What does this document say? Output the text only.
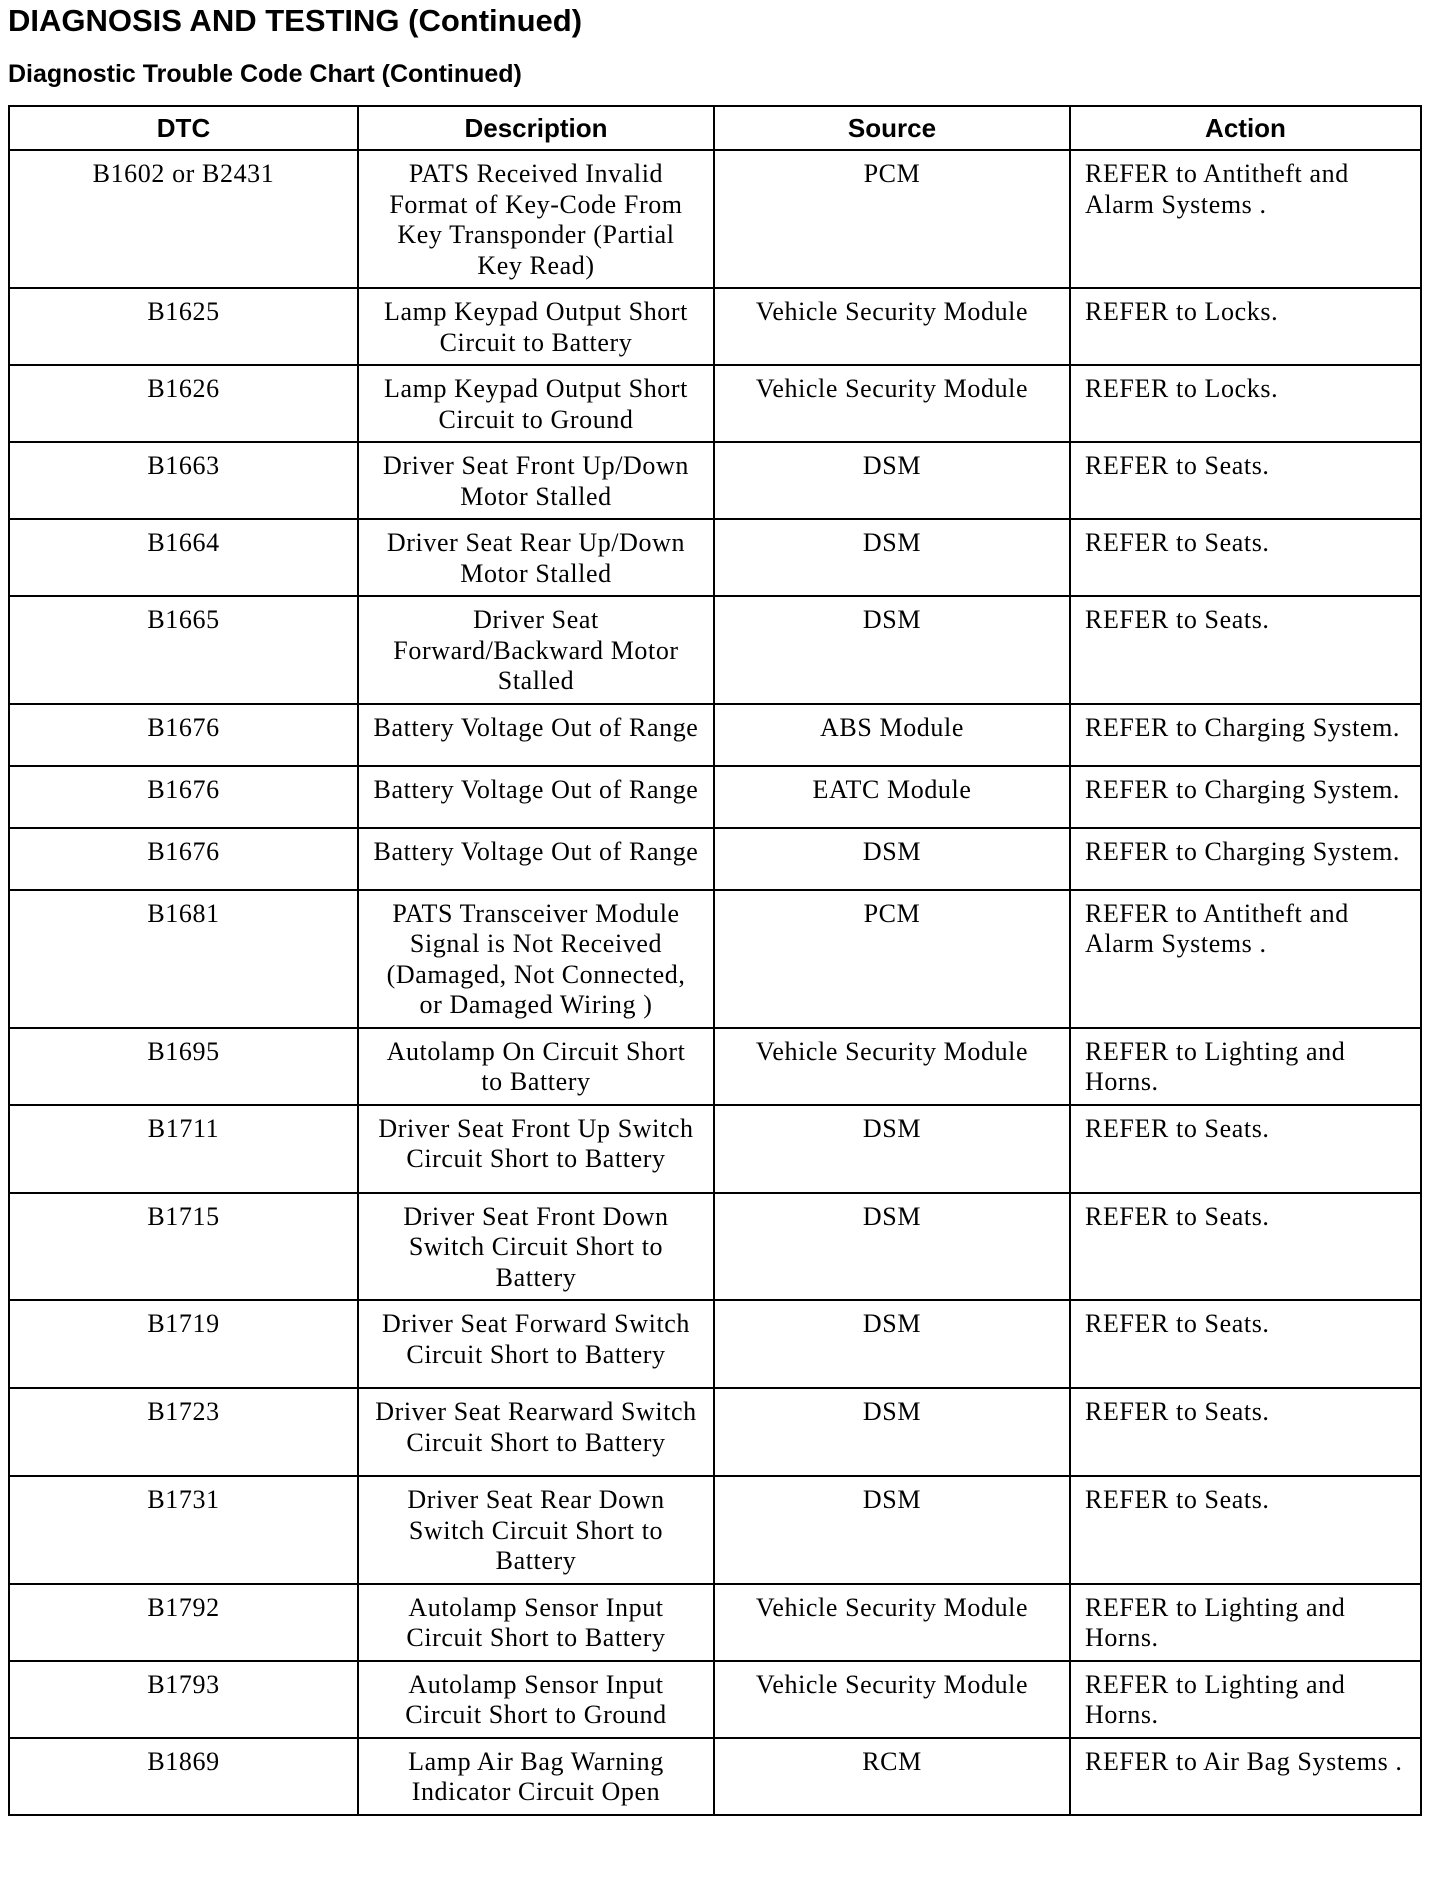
DIAGNOSIS AND TESTING (Continued)
Diagnostic Trouble Code Chart (Continued)
DTC	Description	Source	Action
B1602 or B2431	PATS Received Invalid Format of Key-Code From Key Transponder (Partial Key Read)	PCM	REFER to Antitheft and Alarm Systems .
B1625	Lamp Keypad Output Short Circuit to Battery	Vehicle Security Module	REFER to Locks.
B1626	Lamp Keypad Output Short Circuit to Ground	Vehicle Security Module	REFER to Locks.
B1663	Driver Seat Front Up/Down Motor Stalled	DSM	REFER to Seats.
B1664	Driver Seat Rear Up/Down Motor Stalled	DSM	REFER to Seats.
B1665	Driver Seat Forward/Backward Motor Stalled	DSM	REFER to Seats.
B1676	Battery Voltage Out of Range	ABS Module	REFER to Charging System.
B1676	Battery Voltage Out of Range	EATC Module	REFER to Charging System.
B1676	Battery Voltage Out of Range	DSM	REFER to Charging System.
B1681	PATS Transceiver Module Signal is Not Received (Damaged, Not Connected, or Damaged Wiring )	PCM	REFER to Antitheft and Alarm Systems .
B1695	Autolamp On Circuit Short to Battery	Vehicle Security Module	REFER to Lighting and Horns.
B1711	Driver Seat Front Up Switch Circuit Short to Battery	DSM	REFER to Seats.
B1715	Driver Seat Front Down Switch Circuit Short to Battery	DSM	REFER to Seats.
B1719	Driver Seat Forward Switch Circuit Short to Battery	DSM	REFER to Seats.
B1723	Driver Seat Rearward Switch Circuit Short to Battery	DSM	REFER to Seats.
B1731	Driver Seat Rear Down Switch Circuit Short to Battery	DSM	REFER to Seats.
B1792	Autolamp Sensor Input Circuit Short to Battery	Vehicle Security Module	REFER to Lighting and Horns.
B1793	Autolamp Sensor Input Circuit Short to Ground	Vehicle Security Module	REFER to Lighting and Horns.
B1869	Lamp Air Bag Warning Indicator Circuit Open	RCM	REFER to Air Bag Systems .
